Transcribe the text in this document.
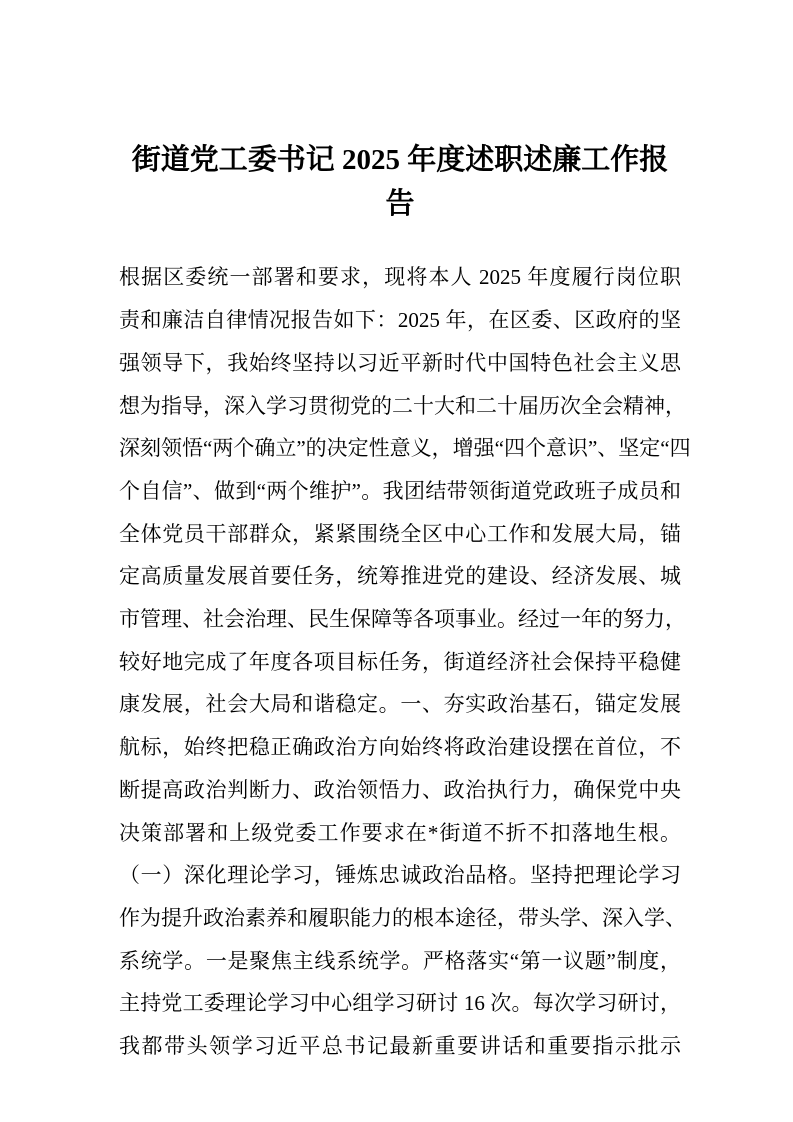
街道党工委书记 2025 年度述职述廉工作报
告
根据区委统一部署和要求，现将本人 2025 年度履行岗位职
责和廉洁自律情况报告如下：2025 年，在区委、区政府的坚
强领导下，我始终坚持以习近平新时代中国特色社会主义思
想为指导，深入学习贯彻党的二十大和二十届历次全会精神，
深刻领悟“两个确立”的决定性意义，增强“四个意识”、坚定“四
个自信”、做到“两个维护”。我团结带领街道党政班子成员和
全体党员干部群众，紧紧围绕全区中心工作和发展大局，锚
定高质量发展首要任务，统筹推进党的建设、经济发展、城
市管理、社会治理、民生保障等各项事业。经过一年的努力，
较好地完成了年度各项目标任务，街道经济社会保持平稳健
康发展，社会大局和谐稳定。一、夯实政治基石，锚定发展
航标，始终把稳正确政治方向始终将政治建设摆在首位，不
断提高政治判断力、政治领悟力、政治执行力，确保党中央
决策部署和上级党委工作要求在*街道不折不扣落地生根。
（一）深化理论学习，锤炼忠诚政治品格。坚持把理论学习
作为提升政治素养和履职能力的根本途径，带头学、深入学、
系统学。一是聚焦主线系统学。严格落实“第一议题”制度，
主持党工委理论学习中心组学习研讨 16 次。每次学习研讨，
我都带头领学习近平总书记最新重要讲话和重要指示批示
